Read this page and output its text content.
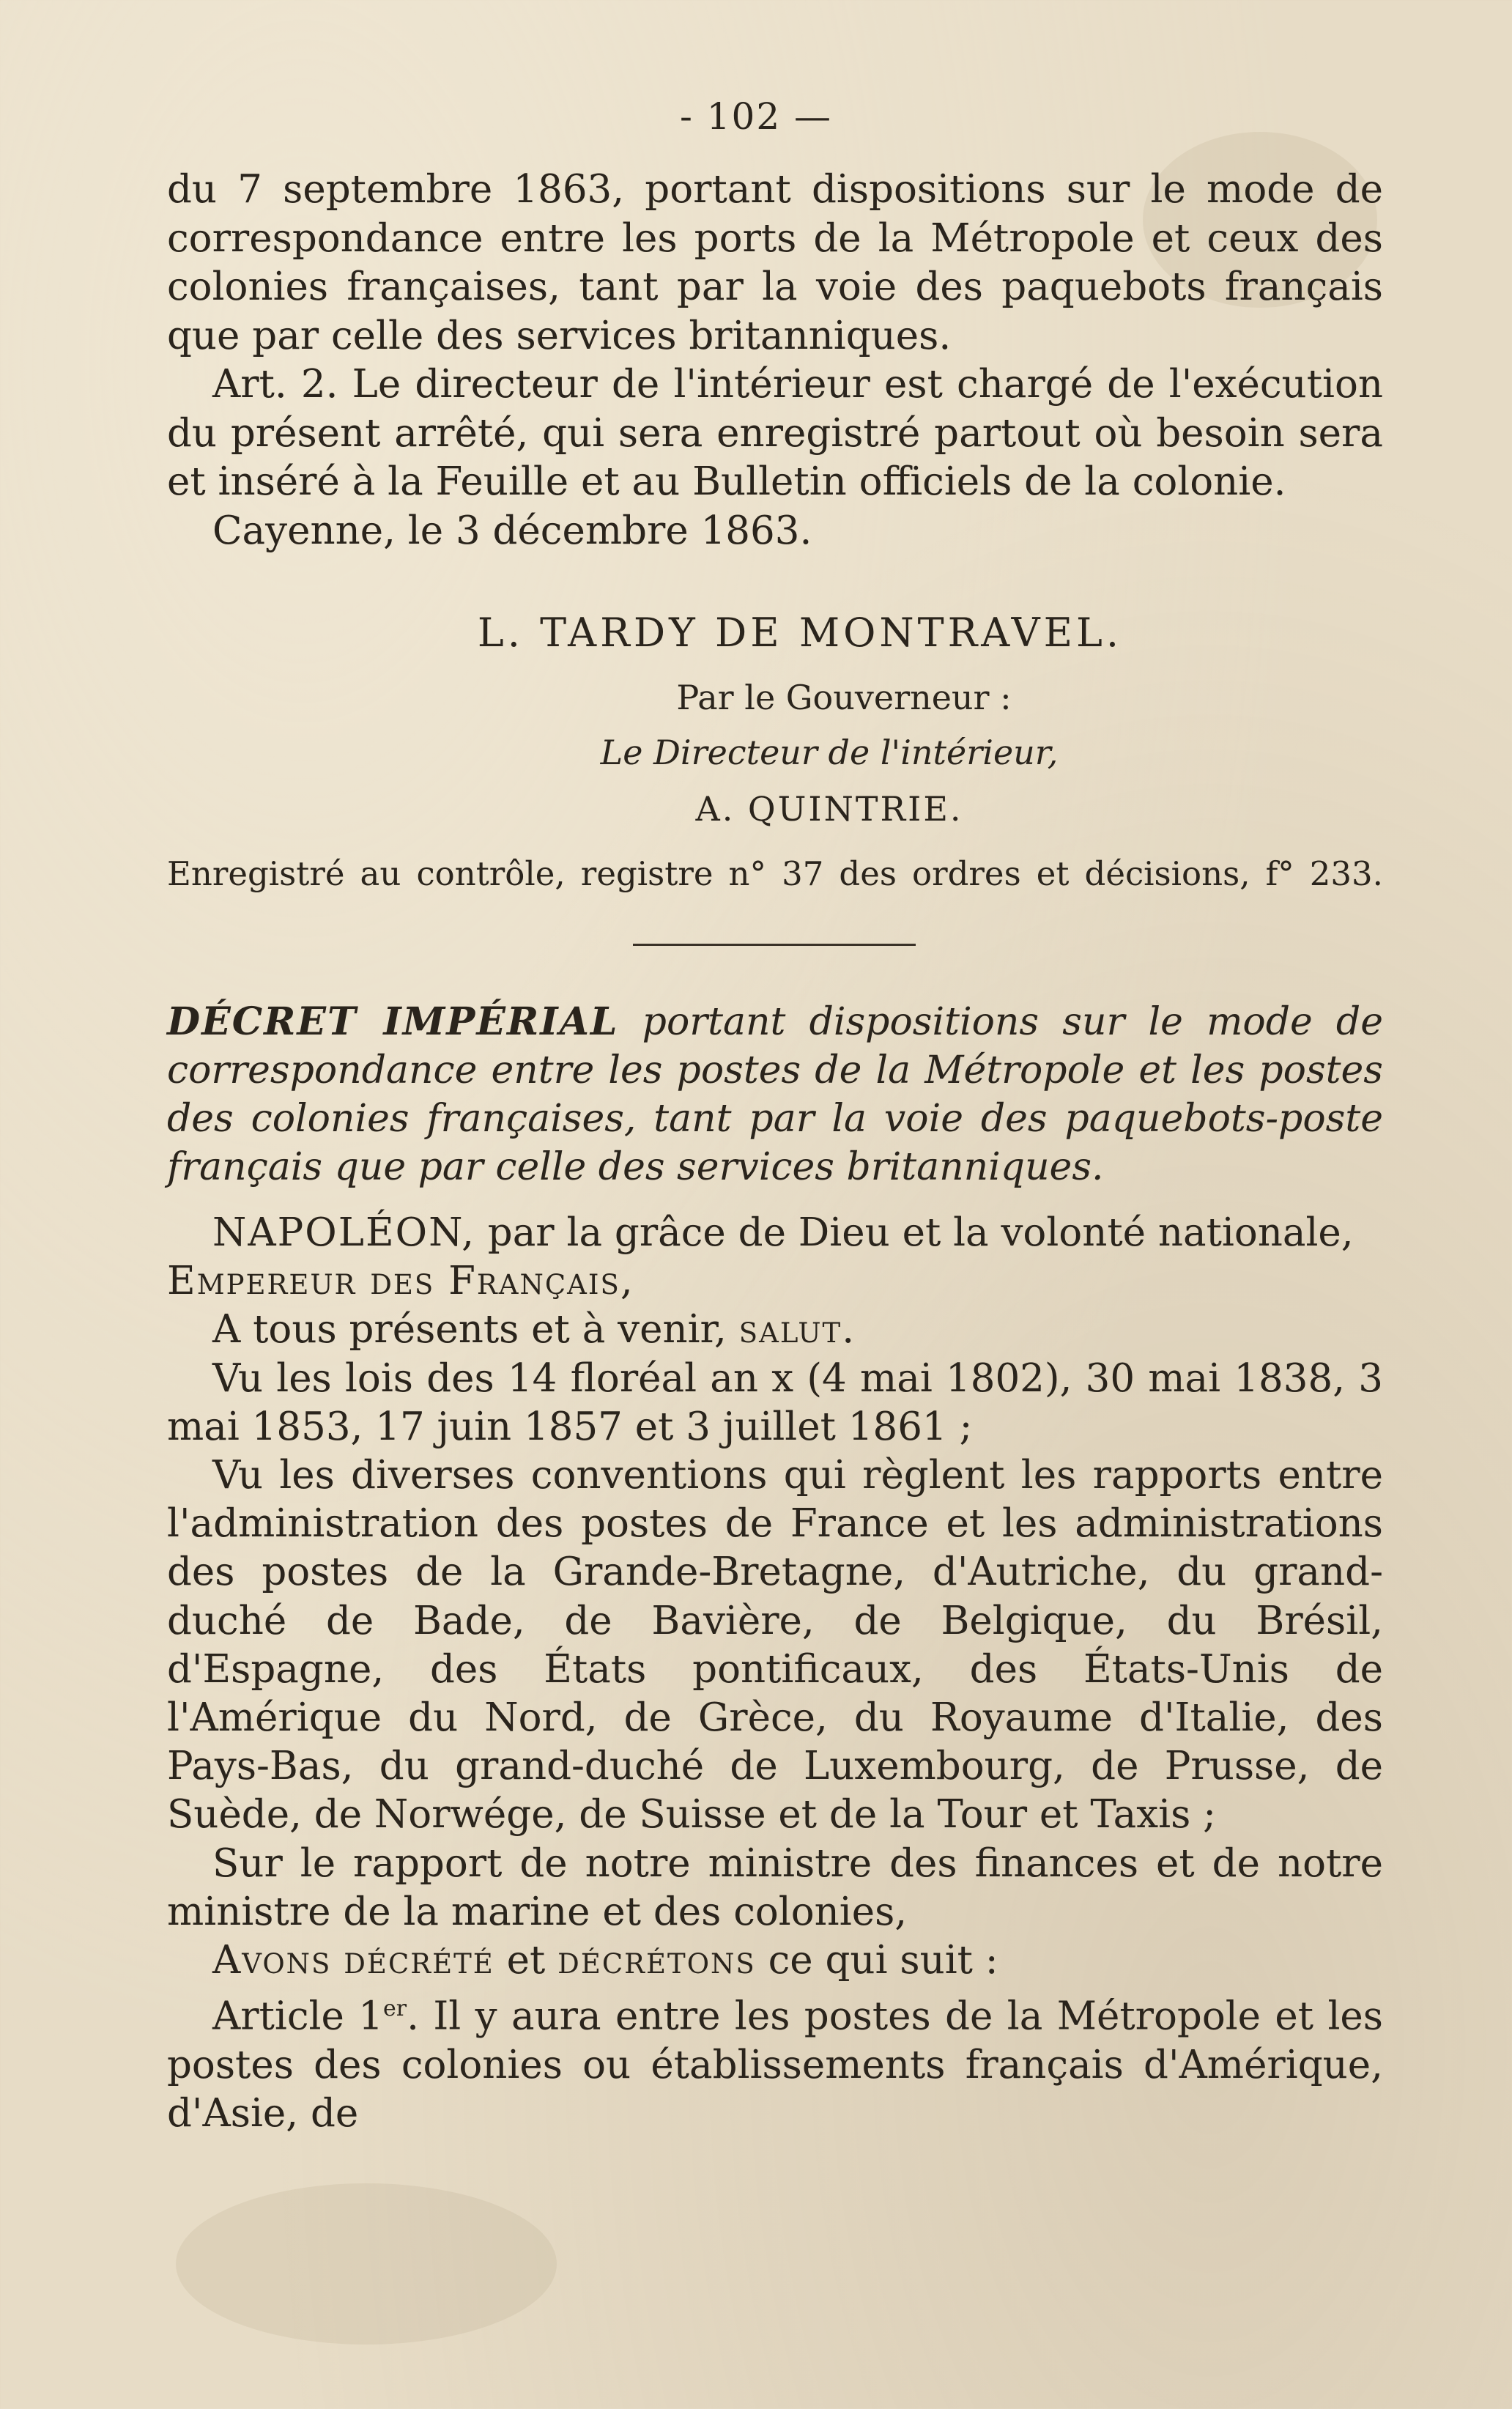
- 102 —

du 7 septembre 1863, portant dispositions sur le mode de correspondance entre les ports de la Métropole et ceux des colonies françaises, tant par la voie des paquebots français que par celle des services britanniques.

Art. 2. Le directeur de l'intérieur est chargé de l'exécution du présent arrêté, qui sera enregistré partout où besoin sera et inséré à la Feuille et au Bulletin officiels de la colonie.

Cayenne, le 3 décembre 1863.

L. TARDY DE MONTRAVEL.
Par le Gouverneur :
Le Directeur de l'intérieur,
A. QUINTRIE.
Enregistré au contrôle, registre n° 37 des ordres et décisions, f° 233.
DÉCRET IMPÉRIAL portant dispositions sur le mode de correspondance entre les postes de la Métropole et les postes des colonies françaises, tant par la voie des paquebots-poste français que par celle des services britanniques.

NAPOLÉON, par la grâce de Dieu et la volonté nationale,

Empereur des Français,

A tous présents et à venir, salut.

Vu les lois des 14 floréal an x (4 mai 1802), 30 mai 1838, 3 mai 1853, 17 juin 1857 et 3 juillet 1861 ;

Vu les diverses conventions qui règlent les rapports entre l'administration des postes de France et les administrations des postes de la Grande-Bretagne, d'Autriche, du grand-duché de Bade, de Bavière, de Belgique, du Brésil, d'Espagne, des États pontificaux, des États-Unis de l'Amérique du Nord, de Grèce, du Royaume d'Italie, des Pays-Bas, du grand-duché de Luxembourg, de Prusse, de Suède, de Norwége, de Suisse et de la Tour et Taxis ;

Sur le rapport de notre ministre des finances et de notre ministre de la marine et des colonies,

Avons décrété et décrétons ce qui suit :

Article 1er. Il y aura entre les postes de la Métropole et les postes des colonies ou établissements français d'Amérique, d'Asie, de
